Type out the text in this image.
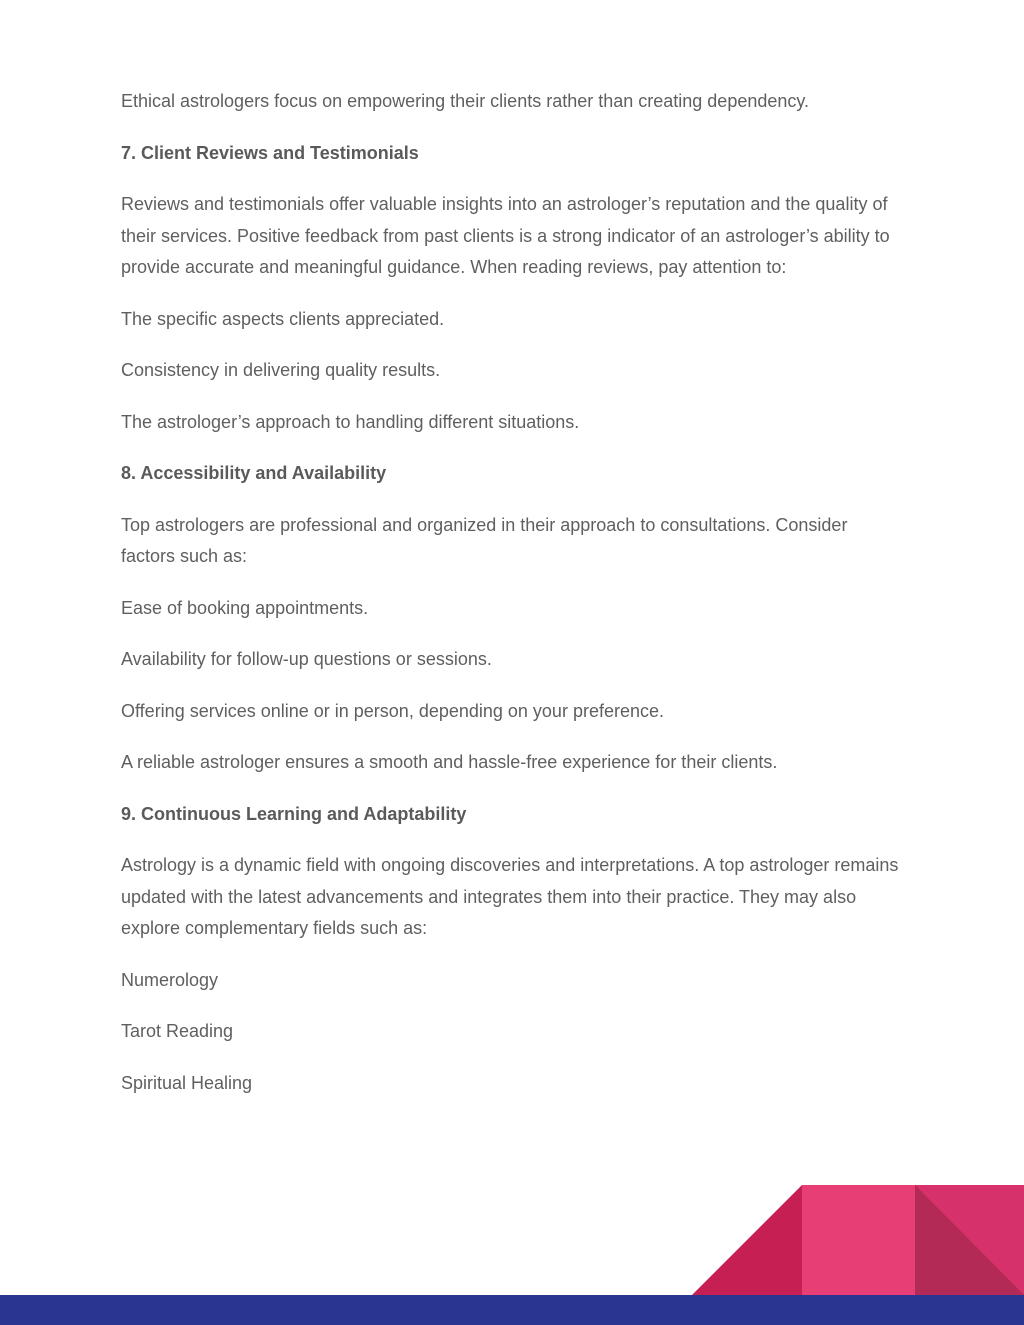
Ethical astrologers focus on empowering their clients rather than creating dependency.

7. Client Reviews and Testimonials

Reviews and testimonials offer valuable insights into an astrologer’s reputation and the quality of their services. Positive feedback from past clients is a strong indicator of an astrologer’s ability to provide accurate and meaningful guidance. When reading reviews, pay attention to:

The specific aspects clients appreciated.

Consistency in delivering quality results.

The astrologer’s approach to handling different situations.

8. Accessibility and Availability

Top astrologers are professional and organized in their approach to consultations. Consider factors such as:

Ease of booking appointments.

Availability for follow-up questions or sessions.

Offering services online or in person, depending on your preference.

A reliable astrologer ensures a smooth and hassle-free experience for their clients.

9. Continuous Learning and Adaptability

Astrology is a dynamic field with ongoing discoveries and interpretations. A top astrologer remains updated with the latest advancements and integrates them into their practice. They may also explore complementary fields such as:

Numerology

Tarot Reading

Spiritual Healing
